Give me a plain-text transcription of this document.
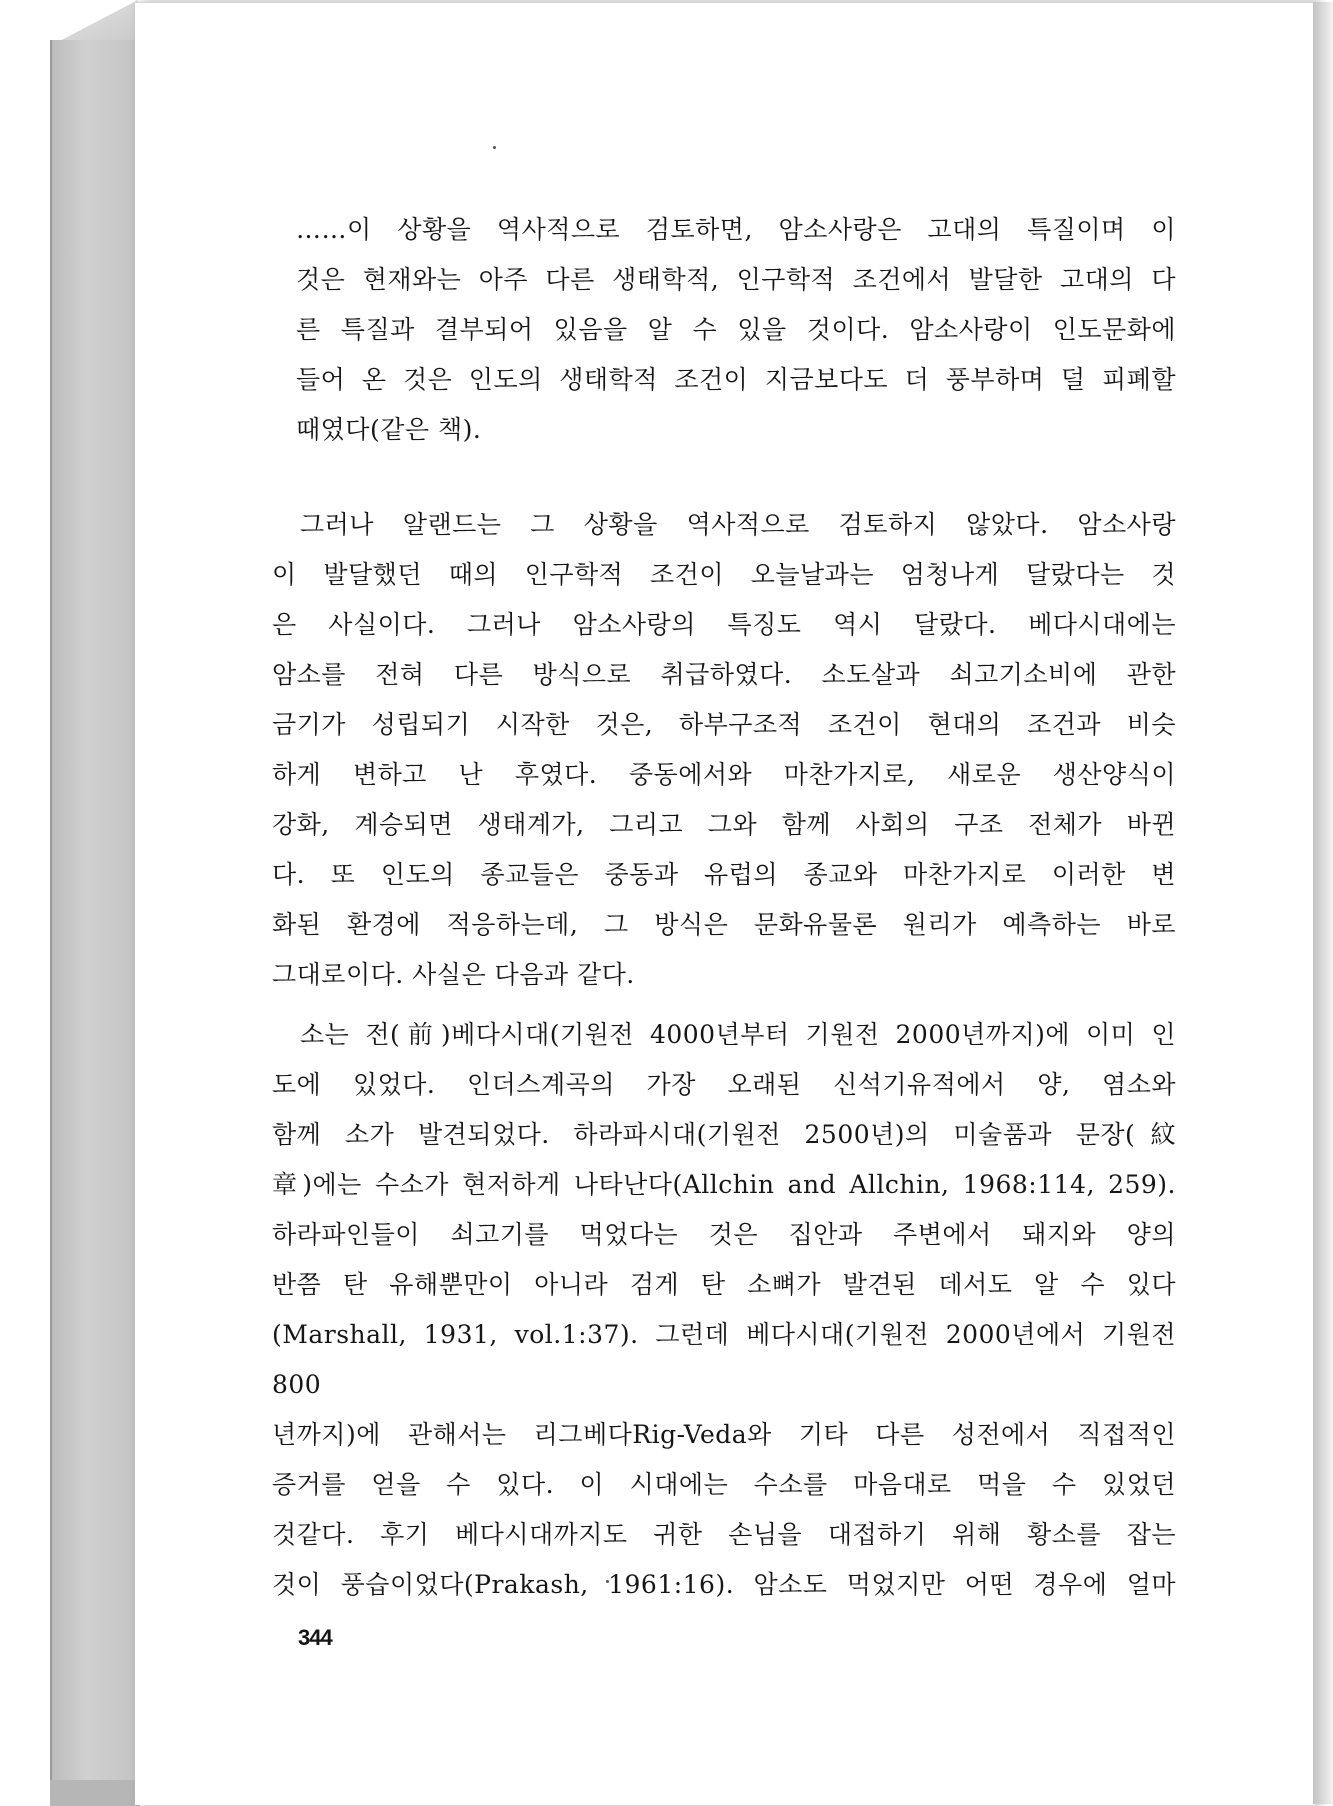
……이 상황을 역사적으로 검토하면, 암소사랑은 고대의 특질이며 이

것은 현재와는 아주 다른 생태학적, 인구학적 조건에서 발달한 고대의 다

른 특질과 결부되어 있음을 알 수 있을 것이다. 암소사랑이 인도문화에

들어 온 것은 인도의 생태학적 조건이 지금보다도 더 풍부하며 덜 피폐할

때였다(같은 책).

그러나 알랜드는 그 상황을 역사적으로 검토하지 않았다. 암소사랑

이 발달했던 때의 인구학적 조건이 오늘날과는 엄청나게 달랐다는 것

은 사실이다. 그러나 암소사랑의 특징도 역시 달랐다. 베다시대에는

암소를 전혀 다른 방식으로 취급하였다. 소도살과 쇠고기소비에 관한

금기가 성립되기 시작한 것은, 하부구조적 조건이 현대의 조건과 비슷

하게 변하고 난 후였다. 중동에서와 마찬가지로, 새로운 생산양식이

강화, 계승되면 생태계가, 그리고 그와 함께 사회의 구조 전체가 바뀐

다. 또 인도의 종교들은 중동과 유럽의 종교와 마찬가지로 이러한 변

화된 환경에 적응하는데, 그 방식은 문화유물론 원리가 예측하는 바로

그대로이다. 사실은 다음과 같다.

소는 전(前)베다시대(기원전 4000년부터 기원전 2000년까지)에 이미 인

도에 있었다. 인더스계곡의 가장 오래된 신석기유적에서 양, 염소와

함께 소가 발견되었다. 하라파시대(기원전 2500년)의 미술품과 문장(紋

章)에는 수소가 현저하게 나타난다(Allchin and Allchin, 1968:114, 259).

하라파인들이 쇠고기를 먹었다는 것은 집안과 주변에서 돼지와 양의

반쯤 탄 유해뿐만이 아니라 검게 탄 소뼈가 발견된 데서도 알 수 있다

(Marshall, 1931, vol.1:37). 그런데 베다시대(기원전 2000년에서 기원전 800

년까지)에 관해서는 리그베다Rig-Veda와 기타 다른 성전에서 직접적인

증거를 얻을 수 있다. 이 시대에는 수소를 마음대로 먹을 수 있었던

것같다. 후기 베다시대까지도 귀한 손님을 대접하기 위해 황소를 잡는

것이 풍습이었다(Prakash, 1961:16). 암소도 먹었지만 어떤 경우에 얼마

344
